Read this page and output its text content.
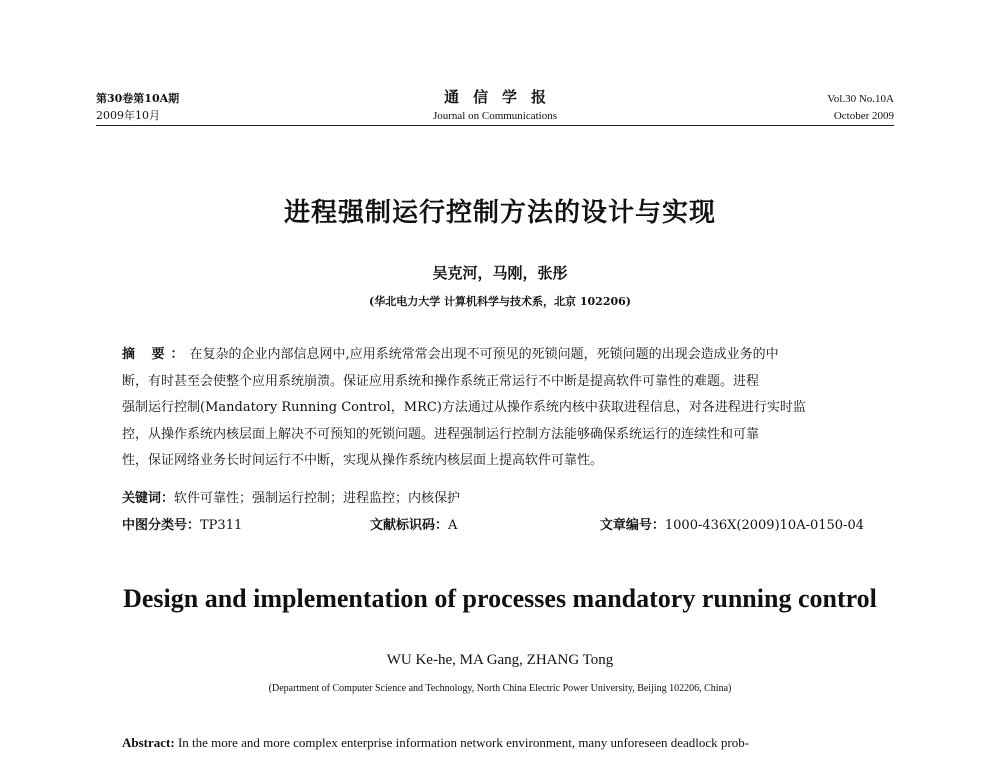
第30卷第10A期
2009年10月
通信学报
Journal on Communications
Vol.30 No.10A
October 2009
进程强制运行控制方法的设计与实现
吴克河，马刚，张彤
(华北电力大学 计算机科学与技术系，北京 102206)
摘 要：在复杂的企业内部信息网中,应用系统常常会出现不可预见的死锁问题，死锁问题的出现会造成业务的中
断，有时甚至会使整个应用系统崩溃。保证应用系统和操作系统正常运行不中断是提高软件可靠性的难题。进程
强制运行控制(Mandatory Running Control，MRC)方法通过从操作系统内核中获取进程信息，对各进程进行实时监
控，从操作系统内核层面上解决不可预知的死锁问题。进程强制运行控制方法能够确保系统运行的连续性和可靠
性，保证网络业务长时间运行不中断，实现从操作系统内核层面上提高软件可靠性。
关键词：软件可靠性；强制运行控制；进程监控；内核保护
中图分类号：TP311	文献标识码：A	文章编号：1000-436X(2009)10A-0150-04
Design and implementation of processes mandatory running control
WU Ke-he, MA Gang, ZHANG Tong
(Department of Computer Science and Technology, North China Electric Power University, Beijing 102206, China)
Abstract: In the more and more complex enterprise information network environment, many unforeseen deadlock prob-
